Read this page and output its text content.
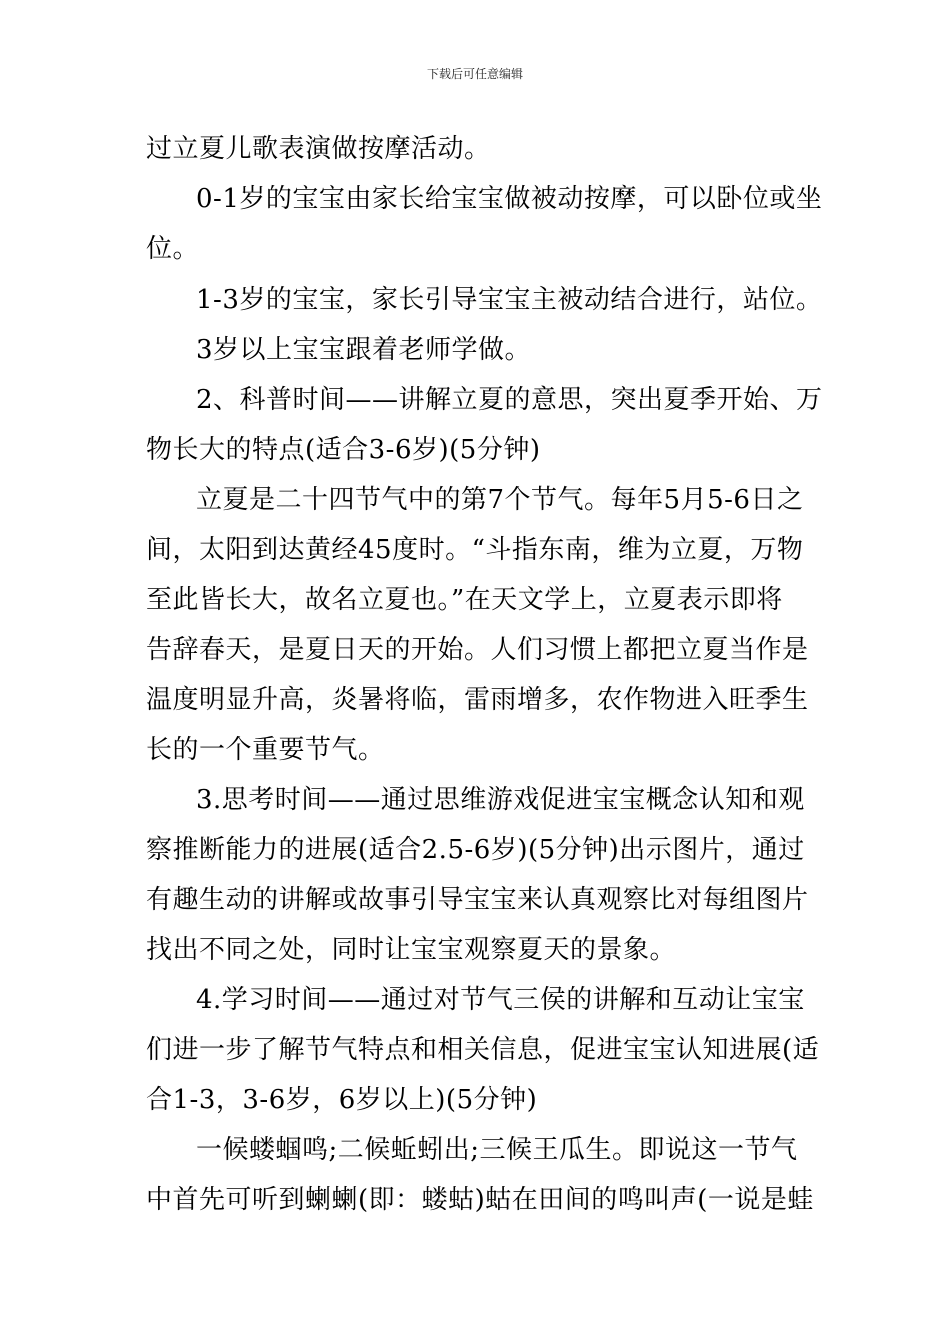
下载后可任意编辑
过立夏儿歌表演做按摩活动。
0-1岁的宝宝由家长给宝宝做被动按摩，可以卧位或坐
位。
1-3岁的宝宝，家长引导宝宝主被动结合进行，站位。
3岁以上宝宝跟着老师学做。
2、科普时间——讲解立夏的意思，突出夏季开始、万
物长大的特点(适合3-6岁)(5分钟)
立夏是二十四节气中的第7个节气。每年5月5-6日之
间，太阳到达黄经45度时。“斗指东南，维为立夏，万物
至此皆长大，故名立夏也。”在天文学上，立夏表示即将
告辞春天，是夏日天的开始。人们习惯上都把立夏当作是
温度明显升高，炎暑将临，雷雨增多，农作物进入旺季生
长的一个重要节气。
3.思考时间——通过思维游戏促进宝宝概念认知和观
察推断能力的进展(适合2.5-6岁)(5分钟)出示图片，通过
有趣生动的讲解或故事引导宝宝来认真观察比对每组图片
找出不同之处，同时让宝宝观察夏天的景象。
4.学习时间——通过对节气三侯的讲解和互动让宝宝
们进一步了解节气特点和相关信息，促进宝宝认知进展(适
合1-3，3-6岁，6岁以上)(5分钟)
一候蝼蝈鸣;二候蚯蚓出;三候王瓜生。即说这一节气
中首先可听到蝲蝲(即：蝼蛄)蛄在田间的鸣叫声(一说是蛙
